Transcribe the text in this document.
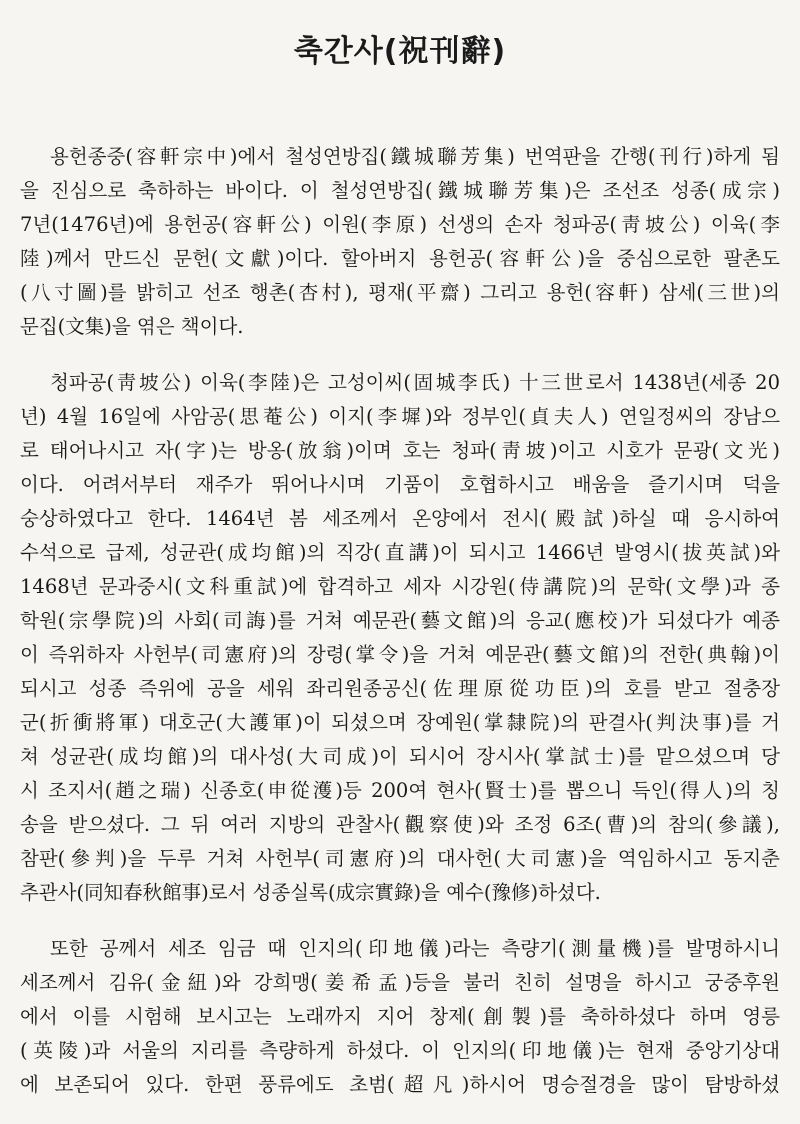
축간사(祝刊辭)

용헌종중(容軒宗中)에서 철성연방집(鐵城聯芳集) 번역판을 간행(刊行)하게 됨
을 진심으로 축하하는 바이다. 이 철성연방집(鐵城聯芳集)은 조선조 성종(成宗)
7년(1476년)에 용헌공(容軒公) 이원(李原) 선생의 손자 청파공(靑坡公) 이육(李
陸)께서 만드신 문헌(文獻)이다. 할아버지 용헌공(容軒公)을 중심으로한 팔촌도
(八寸圖)를 밝히고 선조 행촌(杏村), 평재(平齋) 그리고 용헌(容軒) 삼세(三世)의
문집(文集)을 엮은 책이다.

청파공(靑坡公) 이육(李陸)은 고성이씨(固城李氏) 十三世로서 1438년(세종 20
년) 4월 16일에 사암공(思菴公) 이지(李墀)와 정부인(貞夫人) 연일정씨의 장남으
로 태어나시고 자(字)는 방옹(放翁)이며 호는 청파(靑坡)이고 시호가 문광(文光)
이다. 어려서부터 재주가 뛰어나시며 기품이 호협하시고 배움을 즐기시며 덕을
숭상하였다고 한다. 1464년 봄 세조께서 온양에서 전시(殿試)하실 때 응시하여
수석으로 급제, 성균관(成均館)의 직강(直講)이 되시고 1466년 발영시(拔英試)와
1468년 문과중시(文科重試)에 합격하고 세자 시강원(侍講院)의 문학(文學)과 종
학원(宗學院)의 사회(司誨)를 거쳐 예문관(藝文館)의 응교(應校)가 되셨다가 예종
이 즉위하자 사헌부(司憲府)의 장령(掌令)을 거쳐 예문관(藝文館)의 전한(典翰)이
되시고 성종 즉위에 공을 세워 좌리원종공신(佐理原從功臣)의 호를 받고 절충장
군(折衝將軍) 대호군(大護軍)이 되셨으며 장예원(掌隸院)의 판결사(判決事)를 거
쳐 성균관(成均館)의 대사성(大司成)이 되시어 장시사(掌試士)를 맡으셨으며 당
시 조지서(趙之瑞) 신종호(申從濩)등 200여 현사(賢士)를 뽑으니 득인(得人)의 칭
송을 받으셨다. 그 뒤 여러 지방의 관찰사(觀察使)와 조정 6조(曹)의 참의(參議),
참판(參判)을 두루 거쳐 사헌부(司憲府)의 대사헌(大司憲)을 역임하시고 동지춘
추관사(同知春秋館事)로서 성종실록(成宗實錄)을 예수(豫修)하셨다.

또한 공께서 세조 임금 때 인지의(印地儀)라는 측량기(測量機)를 발명하시니
세조께서 김유(金紐)와 강희맹(姜希孟)등을 불러 친히 설명을 하시고 궁중후원
에서 이를 시험해 보시고는 노래까지 지어 창제(創製)를 축하하셨다 하며 영릉
(英陵)과 서울의 지리를 측량하게 하셨다. 이 인지의(印地儀)는 현재 중앙기상대
에 보존되어 있다. 한편 풍류에도 초범(超凡)하시어 명승절경을 많이 탐방하셨
